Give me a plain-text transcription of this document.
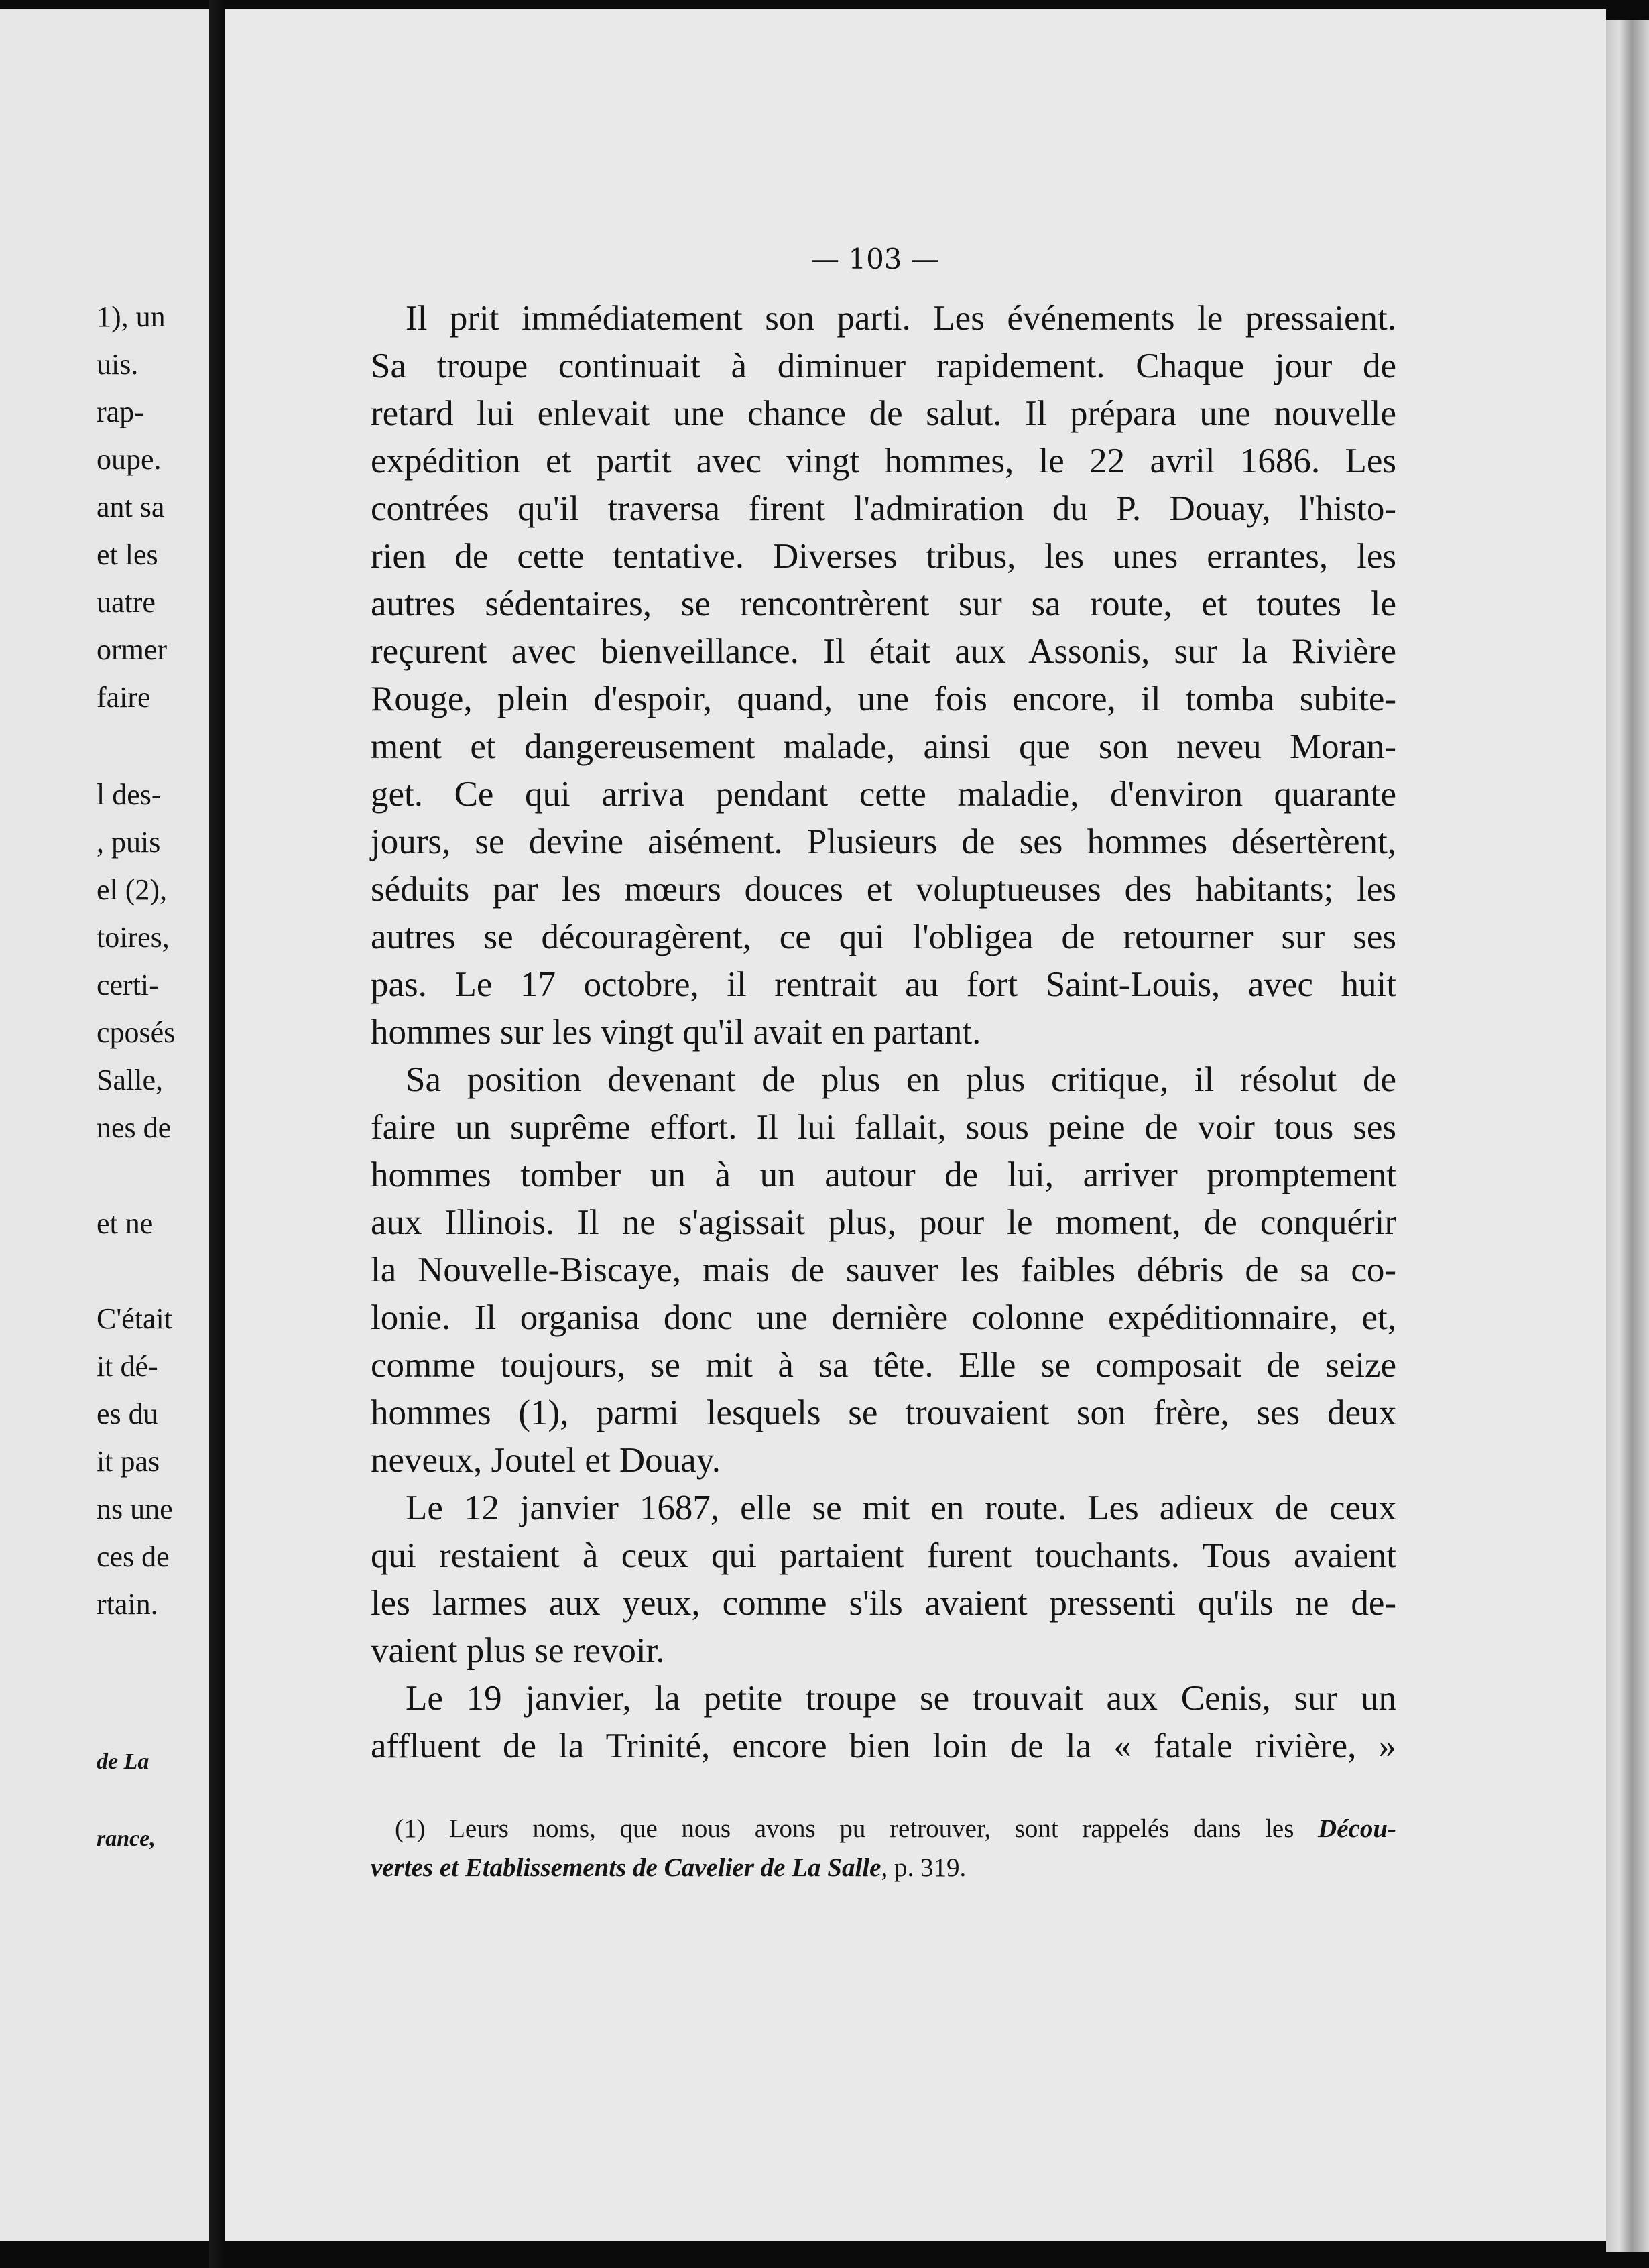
1), un
uis.
rap-
oupe.
ant sa
et les
uatre
ormer
faire
l des-
, puis
el (2),
toires,
certi-
cposés
Salle,
nes de
et ne
C'était
it dé-
es du
it pas
ns une
ces de
rtain.
de La
rance,
— 103 —
Il prit immédiatement son parti. Les événements le pressaient.
Sa troupe continuait à diminuer rapidement. Chaque jour de
retard lui enlevait une chance de salut. Il prépara une nouvelle
expédition et partit avec vingt hommes, le 22 avril 1686. Les
contrées qu'il traversa firent l'admiration du P. Douay, l'histo-
rien de cette tentative. Diverses tribus, les unes errantes, les
autres sédentaires, se rencontrèrent sur sa route, et toutes le
reçurent avec bienveillance. Il était aux Assonis, sur la Rivière
Rouge, plein d'espoir, quand, une fois encore, il tomba subite-
ment et dangereusement malade, ainsi que son neveu Moran-
get. Ce qui arriva pendant cette maladie, d'environ quarante
jours, se devine aisément. Plusieurs de ses hommes désertèrent,
séduits par les mœurs douces et voluptueuses des habitants; les
autres se découragèrent, ce qui l'obligea de retourner sur ses
pas. Le 17 octobre, il rentrait au fort Saint-Louis, avec huit
hommes sur les vingt qu'il avait en partant.
Sa position devenant de plus en plus critique, il résolut de
faire un suprême effort. Il lui fallait, sous peine de voir tous ses
hommes tomber un à un autour de lui, arriver promptement
aux Illinois. Il ne s'agissait plus, pour le moment, de conquérir
la Nouvelle-Biscaye, mais de sauver les faibles débris de sa co-
lonie. Il organisa donc une dernière colonne expéditionnaire, et,
comme toujours, se mit à sa tête. Elle se composait de seize
hommes (1), parmi lesquels se trouvaient son frère, ses deux
neveux, Joutel et Douay.
Le 12 janvier 1687, elle se mit en route. Les adieux de ceux
qui restaient à ceux qui partaient furent touchants. Tous avaient
les larmes aux yeux, comme s'ils avaient pressenti qu'ils ne de-
vaient plus se revoir.
Le 19 janvier, la petite troupe se trouvait aux Cenis, sur un
affluent de la Trinité, encore bien loin de la « fatale rivière, »
(1) Leurs noms, que nous avons pu retrouver, sont rappelés dans les Décou-
vertes et Etablissements de Cavelier de La Salle, p. 319.
